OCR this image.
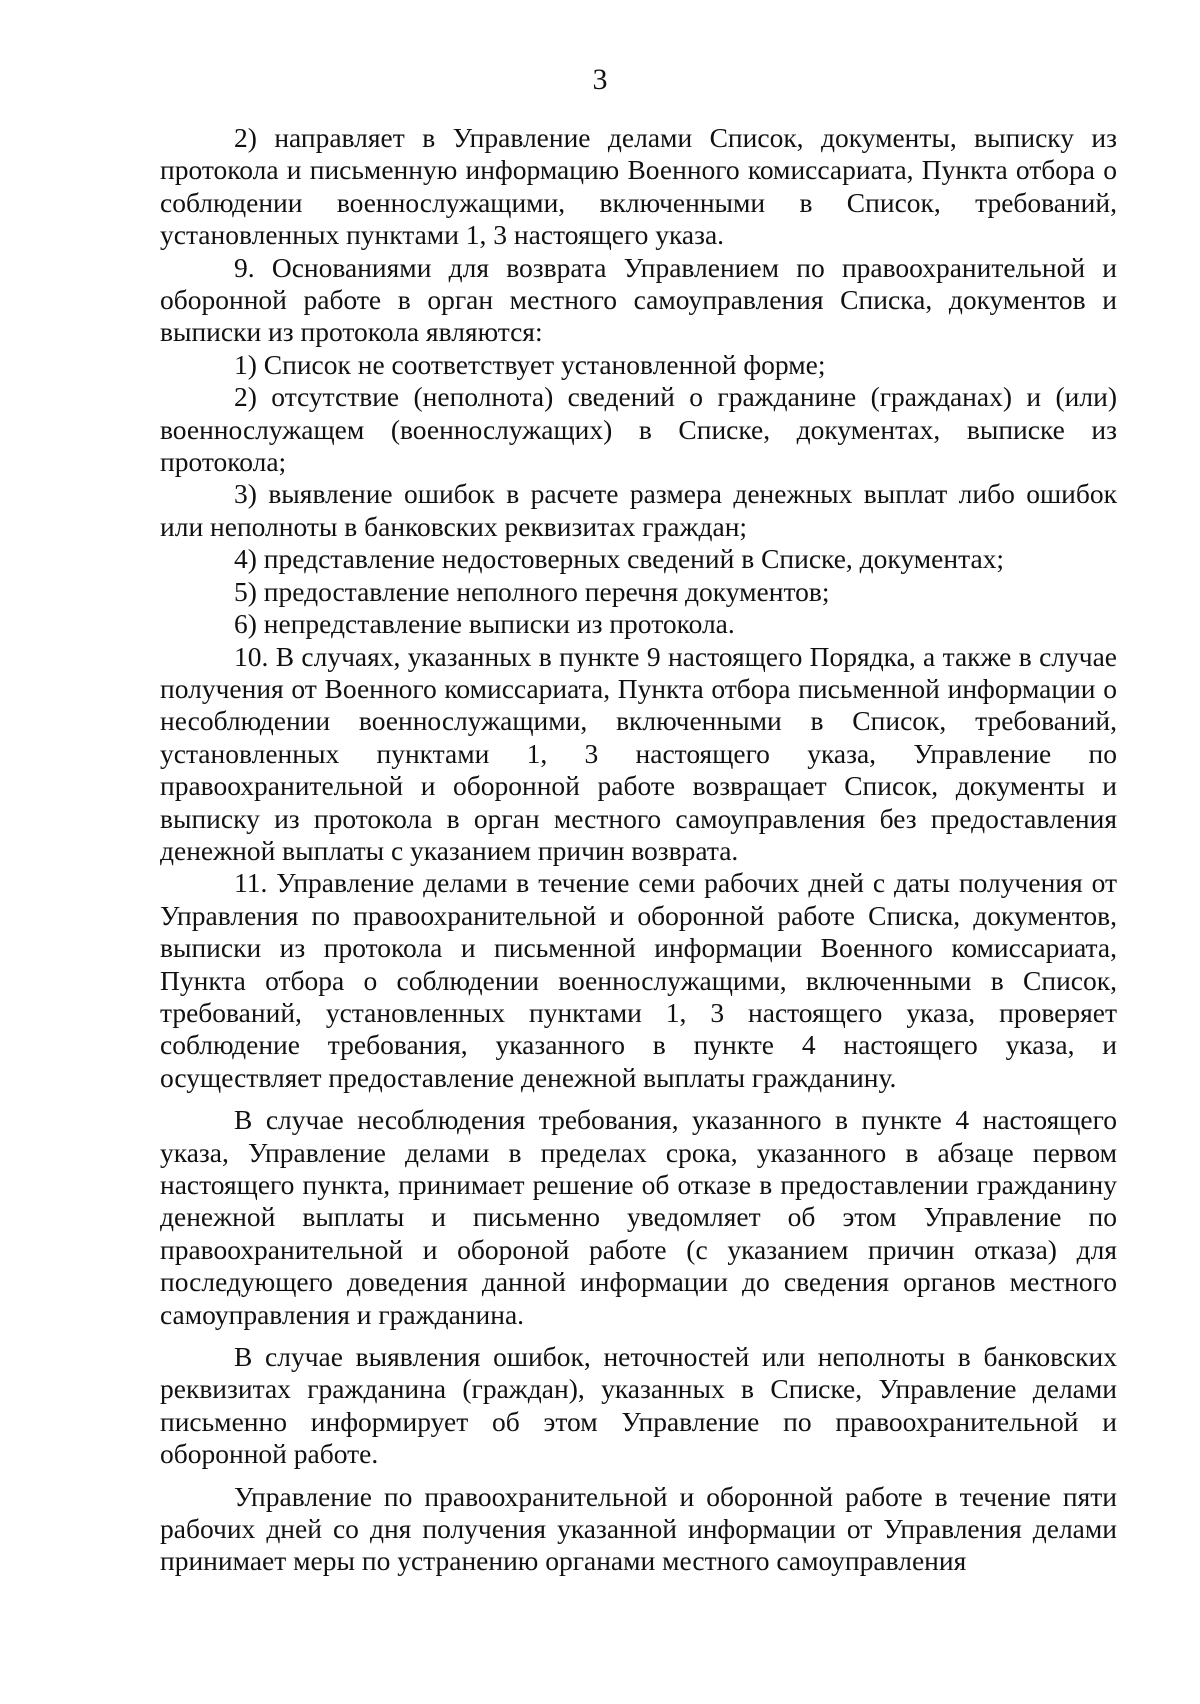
3

2) направляет в Управление делами Список, документы, выписку из протокола и письменную информацию Военного комиссариата, Пункта отбора о соблюдении военнослужащими, включенными в Список, требований, установленных пунктами 1, 3 настоящего указа.

9. Основаниями для возврата Управлением по правоохранительной и оборонной работе в орган местного самоуправления Списка, документов и выписки из протокола являются:

1) Список не соответствует установленной форме;

2) отсутствие (неполнота) сведений о гражданине (гражданах) и (или) военнослужащем (военнослужащих) в Списке, документах, выписке из протокола;

3) выявление ошибок в расчете размера денежных выплат либо ошибок или неполноты в банковских реквизитах граждан;

4) представление недостоверных сведений в Списке, документах;

5) предоставление неполного перечня документов;

6) непредставление выписки из протокола.

10. В случаях, указанных в пункте 9 настоящего Порядка, а также в случае получения от Военного комиссариата, Пункта отбора письменной информации о несоблюдении военнослужащими, включенными в Список, требований, установленных пунктами 1, 3 настоящего указа, Управление по правоохранительной и оборонной работе возвращает Список, документы и выписку из протокола в орган местного самоуправления без предоставления денежной выплаты с указанием причин возврата.

11. Управление делами в течение семи рабочих дней с даты получения от Управления по правоохранительной и оборонной работе Списка, документов, выписки из протокола и письменной информации Военного комиссариата, Пункта отбора о соблюдении военнослужащими, включенными в Список, требований, установленных пунктами 1, 3 настоящего указа, проверяет соблюдение требования, указанного в пункте 4 настоящего указа, и осуществляет предоставление денежной выплаты гражданину.

В случае несоблюдения требования, указанного в пункте 4 настоящего указа, Управление делами в пределах срока, указанного в абзаце первом настоящего пункта, принимает решение об отказе в предоставлении гражданину денежной выплаты и письменно уведомляет об этом Управление по правоохранительной и обороной работе (с указанием причин отказа) для последующего доведения данной информации до сведения органов местного самоуправления и гражданина.

В случае выявления ошибок, неточностей или неполноты в банковских реквизитах гражданина (граждан), указанных в Списке, Управление делами письменно информирует об этом Управление по правоохранительной и оборонной работе.

Управление по правоохранительной и оборонной работе в течение пяти рабочих дней со дня получения указанной информации от Управления делами принимает меры по устранению органами местного самоуправления
